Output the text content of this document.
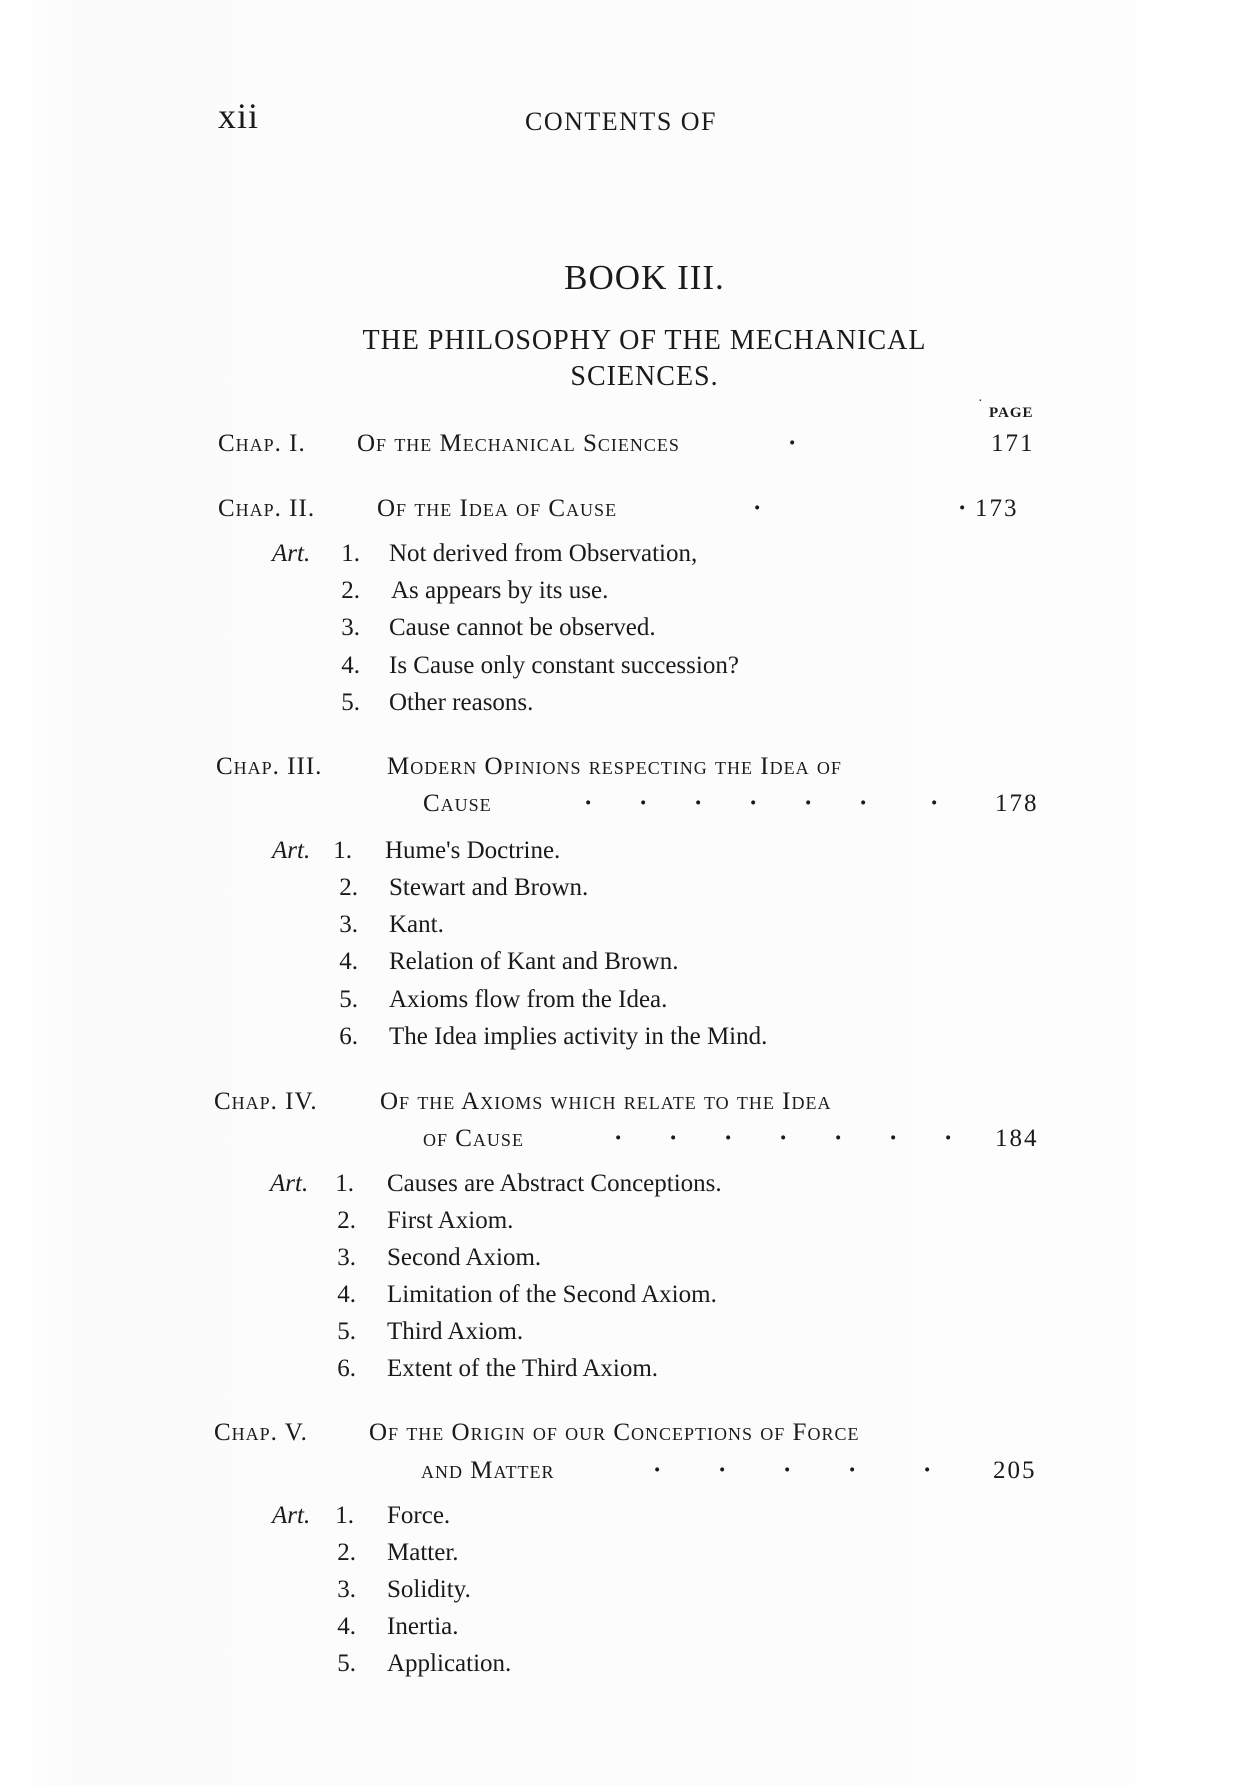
xii	CONTENTS OF
BOOK III.
THE PHILOSOPHY OF THE MECHANICAL
SCIENCES.
·
PAGE
Chap. I. Of the Mechanical Sciences	·	171
Chap. II. Of the Idea of Cause	·	· 173
Art.	1. Not derived from Observation,
2. As appears by its use.
3. Cause cannot be observed.
4. Is Cause only constant succession?
5. Other reasons.
Chap. III.	Modern Opinions respecting the Idea of
Cause	· · · · · ·	· 178
Art. 1. Hume's Doctrine.
2. Stewart and Brown.
3. Kant.
4. Relation of Kant and Brown.
5. Axioms flow from the Idea.
6. The Idea implies activity in the Mind.
Chap. IV. Of the Axioms which relate to the Idea
of Cause	· · · · · · · 184
Art.	1. Causes are Abstract Conceptions.
2. First Axiom.
3. Second Axiom.
4. Limitation of the Second Axiom.
5. Third Axiom.
6. Extent of the Third Axiom.
Chap. V. Of the Origin of our Conceptions of Force
and Matter	· · · ·	· 205
Art.	1. Force.
2. Matter.
3. Solidity.
4. Inertia.
5. Application.
